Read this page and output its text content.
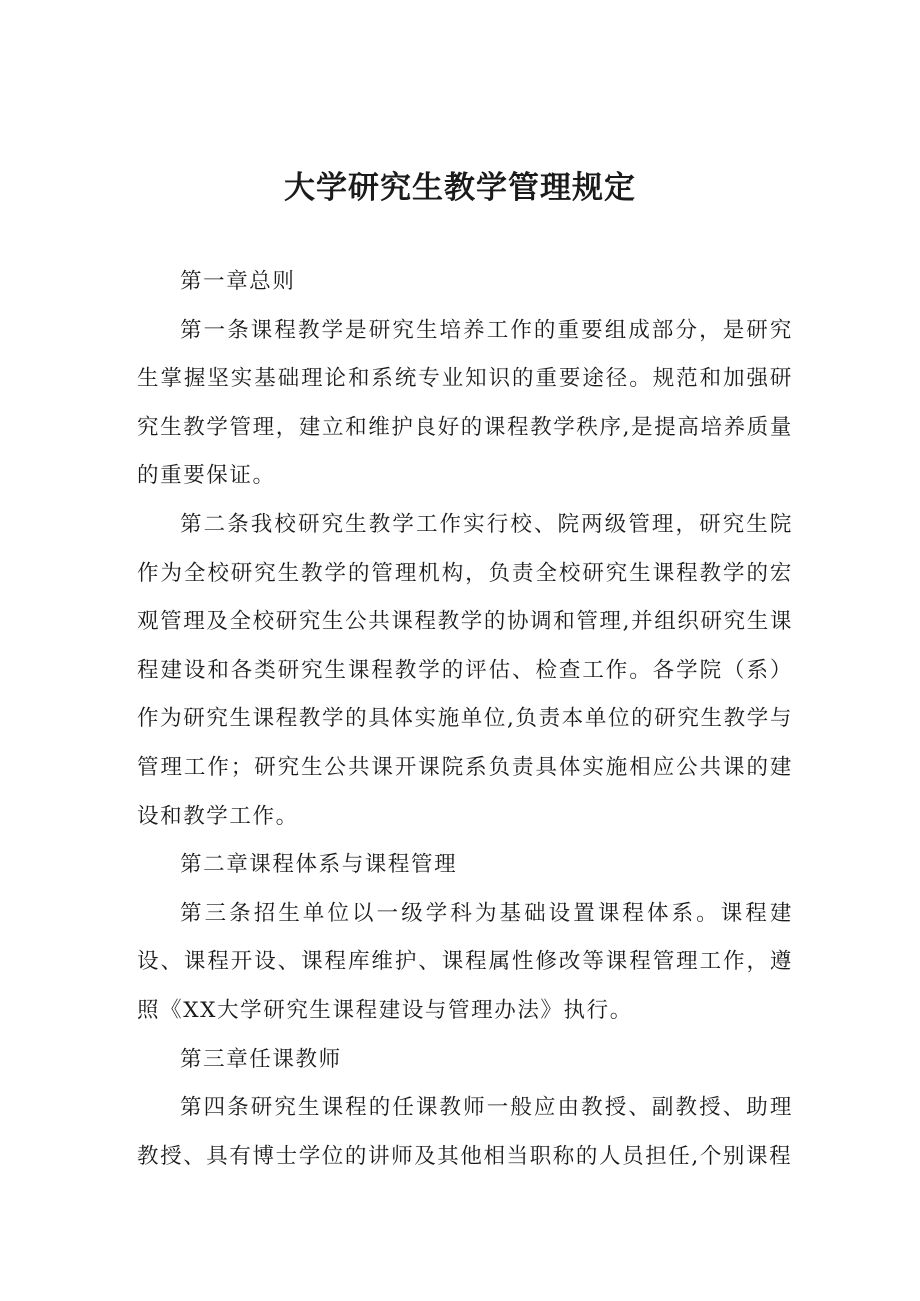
大学研究生教学管理规定

第一章总则

第一条课程教学是研究生培养工作的重要组成部分，是研究生掌握坚实基础理论和系统专业知识的重要途径。规范和加强研究生教学管理，建立和维护良好的课程教学秩序,是提高培养质量的重要保证。

第二条我校研究生教学工作实行校、院两级管理，研究生院作为全校研究生教学的管理机构，负责全校研究生课程教学的宏观管理及全校研究生公共课程教学的协调和管理,并组织研究生课程建设和各类研究生课程教学的评估、检查工作。各学院（系）作为研究生课程教学的具体实施单位,负责本单位的研究生教学与管理工作；研究生公共课开课院系负责具体实施相应公共课的建设和教学工作。

第二章课程体系与课程管理

第三条招生单位以一级学科为基础设置课程体系。课程建设、课程开设、课程库维护、课程属性修改等课程管理工作，遵照《XX大学研究生课程建设与管理办法》执行。

第三章任课教师

第四条研究生课程的任课教师一般应由教授、副教授、助理教授、具有博士学位的讲师及其他相当职称的人员担任,个别课程
